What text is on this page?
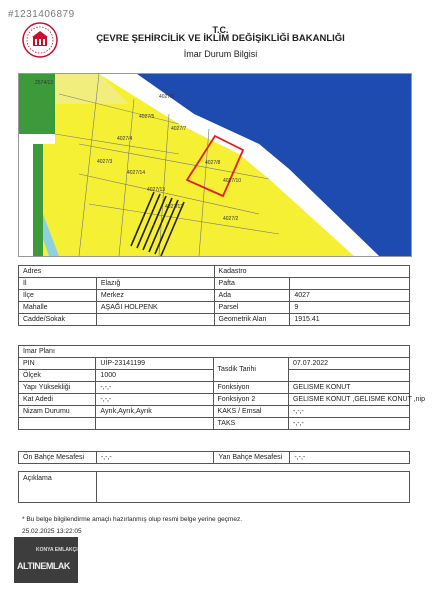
#1231406879
T.C.
ÇEVRE ŞEHİRCİLİK VE İKLİM DEĞİŞİKLİĞİ BAKANLIĞI
İmar Durum Bilgisi
2574/13
4027/6
4027/5
4027/7
4027/4
4027/3
4027/14
4027/8
4027/13
4027/10
4027/12
4027/2
Adres		Kadastro	
İl	Elazığ	Pafta	
İlçe	Merkez	Ada	4027
Mahalle	AŞAĞI HOLPENK	Parsel	9
Cadde/Sokak		Geometrik Alan	1915.41
İmar Planı			
PIN	UİP-23141199	Tasdik Tarihi	07.07.2022
Ölçek	1000		
Yapı Yüksekliği	-,-,-	Fonksiyon	GELISME KONUT
Kat Adedi	-,-,-	Fonksiyon 2	GELISME KONUT ,GELISME KONUT ,nip
Nizam Durumu	Ayrık,Ayrık,Ayrık	KAKS / Emsal	-,-,-
		TAKS	-,-,-
Ön Bahçe Mesafesi	-,-,-	Yan Bahçe Mesafesi	-,-,-
Açıklama	
* Bu belge bilgilendirme amaçlı hazırlanmış olup resmi belge yerine geçmez.
25.02.2025 13:22:05
KONYA EMLAKÇI
ALTINEMLAK
